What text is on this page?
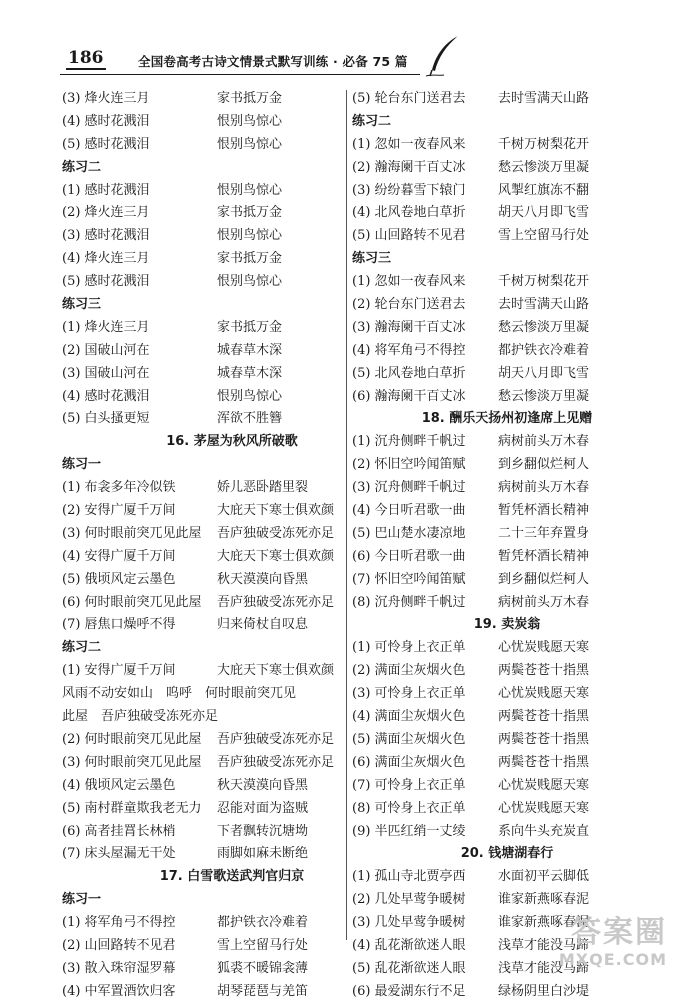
186	全国卷高考古诗文情景式默写训练 · 必备 75 篇
(3) 烽火连三月	家书抵万金
(4) 感时花溅泪	恨别鸟惊心
(5) 感时花溅泪	恨别鸟惊心
练习二
(1) 感时花溅泪	恨别鸟惊心
(2) 烽火连三月	家书抵万金
(3) 感时花溅泪	恨别鸟惊心
(4) 烽火连三月	家书抵万金
(5) 感时花溅泪	恨别鸟惊心
练习三
(1) 烽火连三月	家书抵万金
(2) 国破山河在	城春草木深
(3) 国破山河在	城春草木深
(4) 感时花溅泪	恨别鸟惊心
(5) 白头搔更短	浑欲不胜簪
16. 茅屋为秋风所破歌
练习一
(1) 布衾多年冷似铁	娇儿恶卧踏里裂
(2) 安得广厦千万间	大庇天下寒士俱欢颜
(3) 何时眼前突兀见此屋 吾庐独破受冻死亦足
(4) 安得广厦千万间	大庇天下寒士俱欢颜
(5) 俄顷风定云墨色	秋天漠漠向昏黑
(6) 何时眼前突兀见此屋 吾庐独破受冻死亦足
(7) 唇焦口燥呼不得	归来倚杖自叹息
练习二
(1) 安得广厦千万间	大庇天下寒士俱欢颜
风雨不动安如山　呜呼　何时眼前突兀见
此屋　吾庐独破受冻死亦足
(2) 何时眼前突兀见此屋 吾庐独破受冻死亦足
(3) 何时眼前突兀见此屋 吾庐独破受冻死亦足
(4) 俄顷风定云墨色	秋天漠漠向昏黑
(5) 南村群童欺我老无力 忍能对面为盗贼
(6) 高者挂罥长林梢	下者飘转沉塘坳
(7) 床头屋漏无干处	雨脚如麻未断绝
17. 白雪歌送武判官归京
练习一
(1) 将军角弓不得控	都护铁衣冷难着
(2) 山回路转不见君	雪上空留马行处
(3) 散入珠帘湿罗幕	狐裘不暖锦衾薄
(4) 中军置酒饮归客	胡琴琵琶与羌笛
(5) 轮台东门送君去 去时雪满天山路
练习二
(1) 忽如一夜春风来 千树万树梨花开
(2) 瀚海阑干百丈冰 愁云惨淡万里凝
(3) 纷纷暮雪下辕门 风掣红旗冻不翻
(4) 北风卷地白草折 胡天八月即飞雪
(5) 山回路转不见君 雪上空留马行处
练习三
(1) 忽如一夜春风来 千树万树梨花开
(2) 轮台东门送君去 去时雪满天山路
(3) 瀚海阑干百丈冰 愁云惨淡万里凝
(4) 将军角弓不得控 都护铁衣冷难着
(5) 北风卷地白草折 胡天八月即飞雪
(6) 瀚海阑干百丈冰 愁云惨淡万里凝
18. 酬乐天扬州初逢席上见赠
(1) 沉舟侧畔千帆过 病树前头万木春
(2) 怀旧空吟闻笛赋 到乡翻似烂柯人
(3) 沉舟侧畔千帆过 病树前头万木春
(4) 今日听君歌一曲 暂凭杯酒长精神
(5) 巴山楚水凄凉地 二十三年弃置身
(6) 今日听君歌一曲 暂凭杯酒长精神
(7) 怀旧空吟闻笛赋 到乡翻似烂柯人
(8) 沉舟侧畔千帆过 病树前头万木春
19. 卖炭翁
(1) 可怜身上衣正单 心忧炭贱愿天寒
(2) 满面尘灰烟火色 两鬓苍苍十指黑
(3) 可怜身上衣正单 心忧炭贱愿天寒
(4) 满面尘灰烟火色 两鬓苍苍十指黑
(5) 满面尘灰烟火色 两鬓苍苍十指黑
(6) 满面尘灰烟火色 两鬓苍苍十指黑
(7) 可怜身上衣正单 心忧炭贱愿天寒
(8) 可怜身上衣正单 心忧炭贱愿天寒
(9) 半匹红绡一丈绫 系向牛头充炭直
20. 钱塘湖春行
(1) 孤山寺北贾亭西 水面初平云脚低
(2) 几处早莺争暖树 谁家新燕啄春泥
(3) 几处早莺争暖树 谁家新燕啄春泥
(4) 乱花渐欲迷人眼 浅草才能没马蹄
(5) 乱花渐欲迷人眼 浅草才能没马蹄
(6) 最爱湖东行不足 绿杨阴里白沙堤
答案圈
MXQE.COM
